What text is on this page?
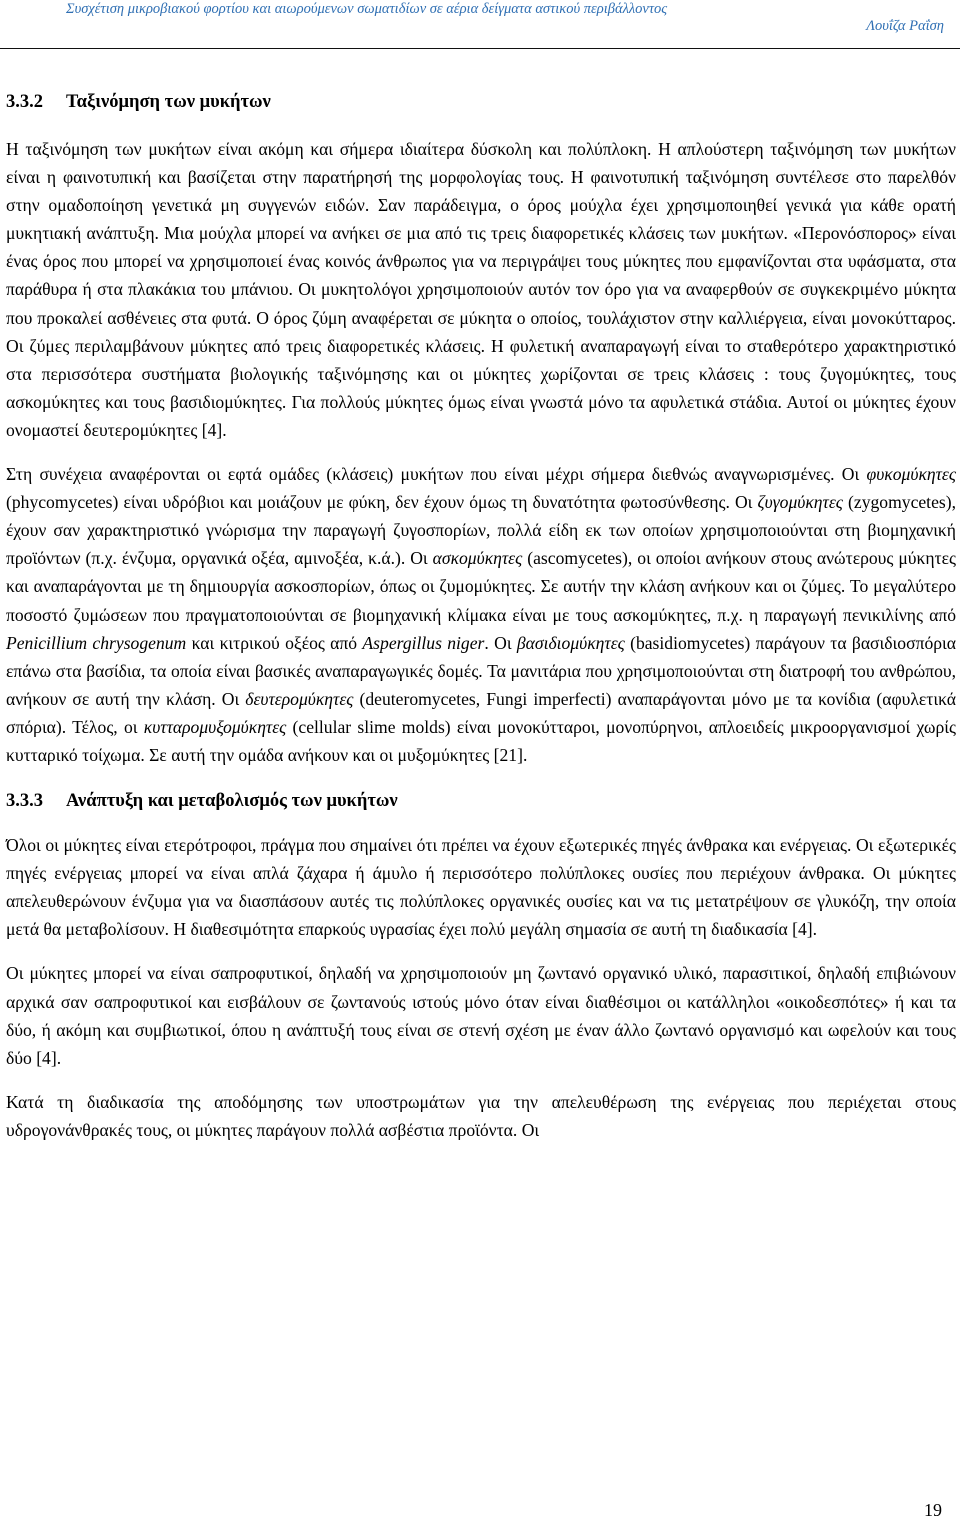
Συσχέτιση μικροβιακού φορτίου και αιωρούμενων σωματιδίων σε αέρια δείγματα αστικού περιβάλλοντος
Λουΐζα Ραΐση
3.3.2 Ταξινόμηση των μυκήτων

Η ταξινόμηση των μυκήτων είναι ακόμη και σήμερα ιδιαίτερα δύσκολη και πολύπλοκη. Η απλούστερη ταξινόμηση των μυκήτων είναι η φαινοτυπική και βασίζεται στην παρατήρησή της μορφολογίας τους. Η φαινοτυπική ταξινόμηση συντέλεσε στο παρελθόν στην ομαδοποίηση γενετικά μη συγγενών ειδών. Σαν παράδειγμα, ο όρος μούχλα έχει χρησιμοποιηθεί γενικά για κάθε ορατή μυκητιακή ανάπτυξη. Μια μούχλα μπορεί να ανήκει σε μια από τις τρεις διαφορετικές κλάσεις των μυκήτων. «Περονόσπορος» είναι ένας όρος που μπορεί να χρησιμοποιεί ένας κοινός άνθρωπος για να περιγράψει τους μύκητες που εμφανίζονται στα υφάσματα, στα παράθυρα ή στα πλακάκια του μπάνιου. Οι μυκητολόγοι χρησιμοποιούν αυτόν τον όρο για να αναφερθούν σε συγκεκριμένο μύκητα που προκαλεί ασθένειες στα φυτά. Ο όρος ζύμη αναφέρεται σε μύκητα ο οποίος, τουλάχιστον στην καλλιέργεια, είναι μονοκύτταρος. Οι ζύμες περιλαμβάνουν μύκητες από τρεις διαφορετικές κλάσεις. Η φυλετική αναπαραγωγή είναι το σταθερότερο χαρακτηριστικό στα περισσότερα συστήματα βιολογικής ταξινόμησης και οι μύκητες χωρίζονται σε τρεις κλάσεις : τους ζυγομύκητες, τους ασκομύκητες και τους βασιδιομύκητες. Για πολλούς μύκητες όμως είναι γνωστά μόνο τα αφυλετικά στάδια. Αυτοί οι μύκητες έχουν ονομαστεί δευτερομύκητες [4].

Στη συνέχεια αναφέρονται οι εφτά ομάδες (κλάσεις) μυκήτων που είναι μέχρι σήμερα διεθνώς αναγνωρισμένες. Οι φυκομύκητες (phycomycetes) είναι υδρόβιοι και μοιάζουν με φύκη, δεν έχουν όμως τη δυνατότητα φωτοσύνθεσης. Οι ζυγομύκητες (zygomycetes), έχουν σαν χαρακτηριστικό γνώρισμα την παραγωγή ζυγοσπορίων, πολλά είδη εκ των οποίων χρησιμοποιούνται στη βιομηχανική προϊόντων (π.χ. ένζυμα, οργανικά οξέα, αμινοξέα, κ.ά.). Οι ασκομύκητες (ascomycetes), οι οποίοι ανήκουν στους ανώτερους μύκητες και αναπαράγονται με τη δημιουργία ασκοσπορίων, όπως οι ζυμομύκητες. Σε αυτήν την κλάση ανήκουν και οι ζύμες. Το μεγαλύτερο ποσοστό ζυμώσεων που πραγματοποιούνται σε βιομηχανική κλίμακα είναι με τους ασκομύκητες, π.χ. η παραγωγή πενικιλίνης από Penicillium chrysogenum και κιτρικού οξέος από Aspergillus niger. Οι βασιδιομύκητες (basidiomycetes) παράγουν τα βασιδιοσπόρια επάνω στα βασίδια, τα οποία είναι βασικές αναπαραγωγικές δομές. Τα μανιτάρια που χρησιμοποιούνται στη διατροφή του ανθρώπου, ανήκουν σε αυτή την κλάση. Οι δευτερομύκητες (deuteromycetes, Fungi imperfecti) αναπαράγονται μόνο με τα κονίδια (αφυλετικά σπόρια). Τέλος, οι κυτταρομυξομύκητες (cellular slime molds) είναι μονοκύτταροι, μονοπύρηνοι, απλοειδείς μικροοργανισμοί χωρίς κυτταρικό τοίχωμα. Σε αυτή την ομάδα ανήκουν και οι μυξομύκητες [21].

3.3.3 Ανάπτυξη και μεταβολισμός των μυκήτων

Όλοι οι μύκητες είναι ετερότροφοι, πράγμα που σημαίνει ότι πρέπει να έχουν εξωτερικές πηγές άνθρακα και ενέργειας. Οι εξωτερικές πηγές ενέργειας μπορεί να είναι απλά ζάχαρα ή άμυλο ή περισσότερο πολύπλοκες ουσίες που περιέχουν άνθρακα. Οι μύκητες απελευθερώνουν ένζυμα για να διασπάσουν αυτές τις πολύπλοκες οργανικές ουσίες και να τις μετατρέψουν σε γλυκόζη, την οποία μετά θα μεταβολίσουν. Η διαθεσιμότητα επαρκούς υγρασίας έχει πολύ μεγάλη σημασία σε αυτή τη διαδικασία [4].

Οι μύκητες μπορεί να είναι σαπροφυτικοί, δηλαδή να χρησιμοποιούν μη ζωντανό οργανικό υλικό, παρασιτικοί, δηλαδή επιβιώνουν αρχικά σαν σαπροφυτικοί και εισβάλουν σε ζωντανούς ιστούς μόνο όταν είναι διαθέσιμοι οι κατάλληλοι «οικοδεσπότες» ή και τα δύο, ή ακόμη και συμβιωτικοί, όπου η ανάπτυξή τους είναι σε στενή σχέση με έναν άλλο ζωντανό οργανισμό και ωφελούν και τους δύο [4].

Κατά τη διαδικασία της αποδόμησης των υποστρωμάτων για την απελευθέρωση της ενέργειας που περιέχεται στους υδρογονάνθρακές τους, οι μύκητες παράγουν πολλά ασβέστια προϊόντα. Οι

19
